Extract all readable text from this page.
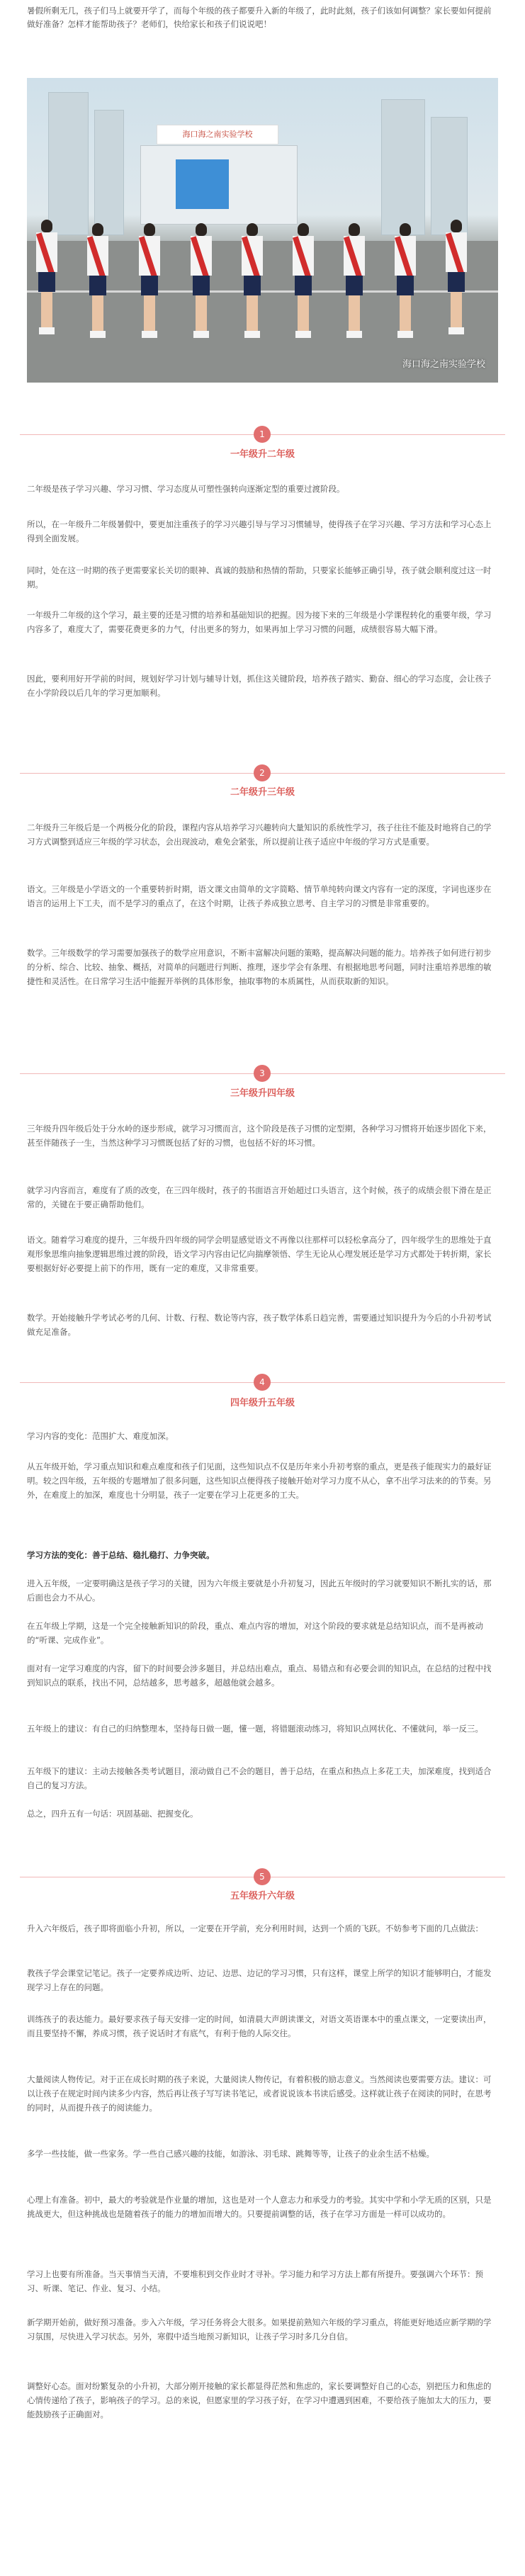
暑假所剩无几，孩子们马上就要开学了，而每个年级的孩子都要升入新的年级了，此时此刻，孩子们该如何调整？家长要如何提前做好准备？怎样才能帮助孩子？老师们，快给家长和孩子们说说吧！
海口海之南实验学校
海口海之南实验学校
1
一年级升二年级
二年级是孩子学习兴趣、学习习惯、学习态度从可塑性强转向逐渐定型的重要过渡阶段。
所以，在一年级升二年级暑假中，要更加注重孩子的学习兴趣引导与学习习惯辅导，使得孩子在学习兴趣、学习方法和学习心态上得到全面发展。
同时，处在这一时期的孩子更需要家长关切的眼神、真诚的鼓励和热情的帮助，只要家长能够正确引导，孩子就会顺利度过这一时期。
一年级升二年级的这个学习，最主要的还是习惯的培养和基础知识的把握。因为接下来的三年级是小学课程转化的重要年级，学习内容多了，难度大了，需要花费更多的力气，付出更多的努力，如果再加上学习习惯的问题，成绩很容易大幅下滑。
因此，要利用好开学前的时间，规划好学习计划与辅导计划，抓住这关键阶段，培养孩子踏实、勤奋、细心的学习态度，会让孩子在小学阶段以后几年的学习更加顺利。
2
二年级升三年级
二年级升三年级后是一个两极分化的阶段，课程内容从培养学习兴趣转向大量知识的系统性学习，孩子往往不能及时地将自己的学习方式调整到适应三年级的学习状态，会出现波动，难免会紧张，所以提前让孩子适应中年级的学习方式是重要。
语文。三年级是小学语文的一个重要转折时期，语文课文由简单的文字简略、情节单纯转向课文内容有一定的深度，字词也逐步在语言的运用上下工夫，而不是学习的重点了，在这个时期，让孩子养成独立思考、自主学习的习惯是非常重要的。
数学。三年级数学的学习需要加强孩子的数学应用意识，不断丰富解决问题的策略，提高解决问题的能力。培养孩子如何进行初步的分析、综合、比较、抽象、概括，对简单的问题进行判断、推理，逐步学会有条理、有根据地思考问题，同时注重培养思维的敏捷性和灵活性。在日常学习生活中能握开举例的具体形象，抽取事物的本质属性，从而获取新的知识。
3
三年级升四年级
三年级升四年级后处于分水岭的逐步形成，就学习习惯而言，这个阶段是孩子习惯的定型期，各种学习习惯将开始逐步固化下来，甚至伴随孩子一生，当然这种学习习惯既包括了好的习惯，也包括不好的坏习惯。
就学习内容而言，难度有了质的改变，在三四年级时，孩子的书面语言开始超过口头语言，这个时候，孩子的成绩会很下滑在是正常的，关键在于要正确帮助他们。
语文。随着学习难度的提升，三年级升四年级的同学会明显感觉语文不再像以往那样可以轻松拿高分了，四年级学生的思维处于直观形象思维向抽象逻辑思维过渡的阶段，语文学习内容由记忆向揣摩领悟、学生无论从心理发展还是学习方式都处于转折期，家长要根据好好必要提上前下的作用，既有一定的难度，又非常重要。
数学。开始接触升学考试必考的几何、计数、行程、数论等内容，孩子数学体系日趋完善，需要通过知识提升为今后的小升初考试做充足准备。
4
四年级升五年级
学习内容的变化：范围扩大、难度加深。
从五年级开始，学习重点知识和难点难度和孩子们见面，这些知识点不仅是历年来小升初考察的重点，更是孩子能现实力的最好证明。较之四年级，五年级的专题增加了很多问题，这些知识点便得孩子接触开始对学习力度不从心，拿不出学习法来的的节奏。另外，在难度上的加深，难度也十分明显，孩子一定要在学习上花更多的工夫。
学习方法的变化：善于总结、稳扎稳打、力争突破。
进入五年级，一定要明确这是孩子学习的关键，因为六年级主要就是小升初复习，因此五年级时的学习就要知识不断扎实的话，那后面也会力不从心。
在五年级上学期，这是一个完全接触新知识的阶段，重点、难点内容的增加，对这个阶段的要求就是总结知识点，而不是再被动的“听课、完成作业”。
面对有一定学习难度的内容，留下的时间要会涉多题目，并总结出难点，重点、易错点和有必要会训的知识点，在总结的过程中找到知识点的联系，找出不同，总结越多，思考越多，超越他就会越多。
五年级上的建议：有自己的归纳整理本，坚持每日做一题，懂一题，将错题滚动练习，将知识点网状化、不懂就问，举一反三。
五年级下的建议：主动去接触各类考试题目，滚动做自己不会的题目，善于总结，在重点和热点上多花工夫，加深难度，找到适合自己的复习方法。
总之，四升五有一句话：巩固基础、把握变化。
5
五年级升六年级
升入六年级后，孩子即将面临小升初，所以，一定要在开学前，充分利用时间，达到一个质的飞跃。不妨参考下面的几点做法：
教孩子学会课堂记笔记。孩子一定要养成边听、边记、边思、边记的学习习惯，只有这样，课堂上所学的知识才能够明白，才能发现学习上存在的问题。
训练孩子的表达能力。最好要求孩子每天安排一定的时间，如清晨大声朗读课文，对语文英语课本中的重点课文，一定要读出声，而且要坚持不懈，养成习惯，孩子说话时才有底气，有利于他的人际交往。
大量阅读人物传记。对于正在成长时期的孩子来说，大量阅读人物传记，有着积极的励志意义。当然阅读也要需要方法。建议：可以让孩子在规定时间内读多少内容，然后再让孩子写写读书笔记，或者说说该本书读后感受。这样就让孩子在阅读的同时，在思考的同时，从而提升孩子的阅读能力。
多学一些技能，做一些家务。学一些自己感兴趣的技能，如游泳、羽毛球、跳舞等等，让孩子的业余生活不枯燥。
心理上有准备。初中，最大的考验就是作业量的增加，这也是对一个人意志力和承受力的考验。其实中学和小学无质的区别，只是挑战更大，但这种挑战也是随着孩子的能力的增加而增大的。只要提前调整的话，孩子在学习方面是一样可以成功的。
学习上也要有所准备。当天事情当天清，不要堆积到交作业时才寻补。学习能力和学习方法上都有所提升。要强调六个环节：预习、听课、笔记、作业、复习、小结。
新学期开始前，做好预习准备。步入六年级，学习任务将会大很多。如果提前熟知六年级的学习重点，将能更好地适应新学期的学习氛围，尽快进入学习状态。另外，寒假中适当地预习新知识，让孩子学习时多几分自信。
调整好心态。面对纷繁复杂的小升初，大部分刚开接触的家长都显得茫然和焦虑的，家长要调整好自己的心态，别把压力和焦虑的心情传递给了孩子，影响孩子的学习。总的来说，但愿家里的学习孩子好，在学习中遭遇到困难，不要给孩子施加太大的压力，要能鼓励孩子正确面对。
